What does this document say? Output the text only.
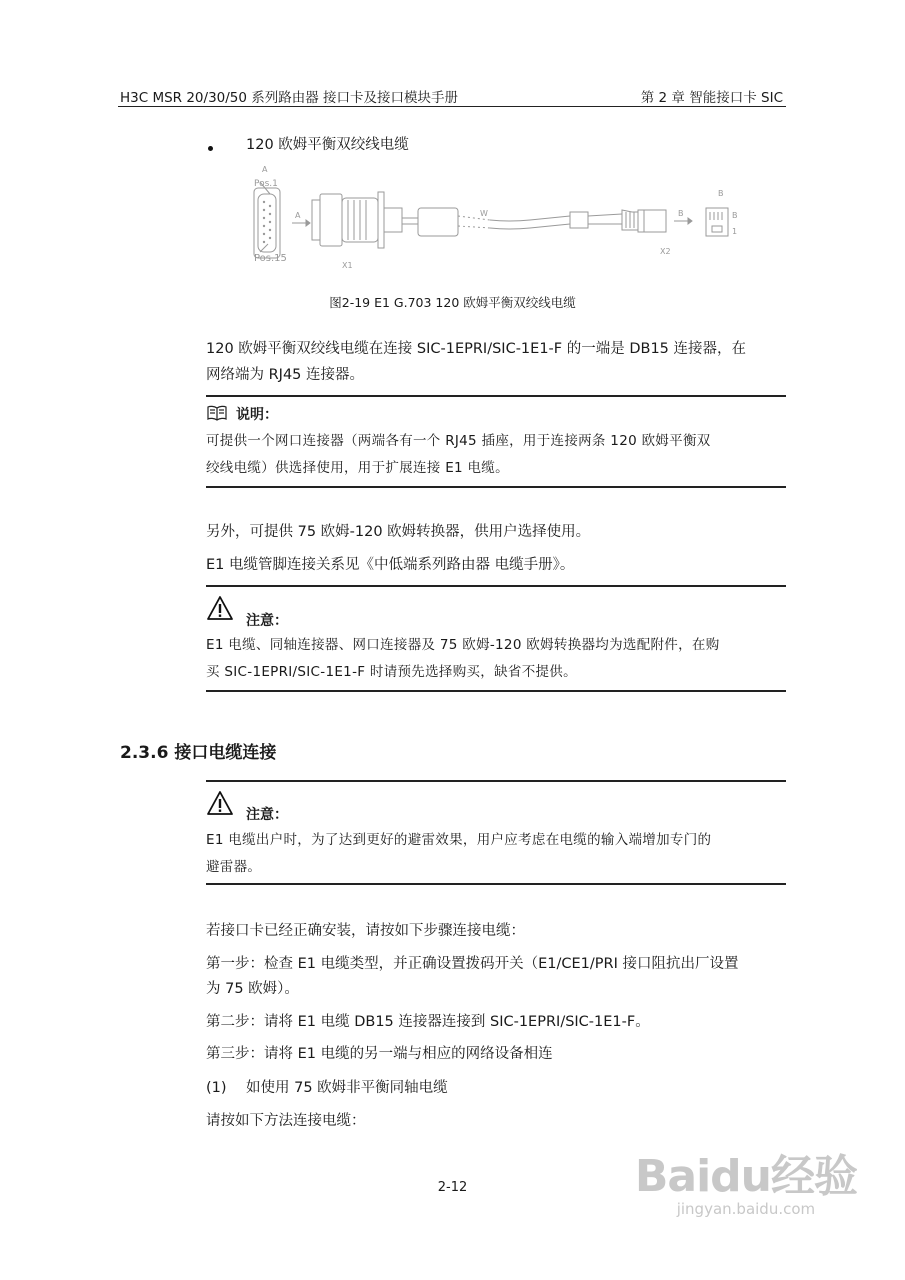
H3C MSR 20/30/50 系列路由器 接口卡及接口模块手册	第 2 章 智能接口卡 SIC
120 欧姆平衡双绞线电缆
A
Pos.1
Pos.15
A
X1
W
X2
B
B
B
1
图2-19 E1 G.703 120 欧姆平衡双绞线电缆
120 欧姆平衡双绞线电缆在连接 SIC-1EPRI/SIC-1E1-F 的一端是 DB15 连接器，在
网络端为 RJ45 连接器。
说明：
可提供一个网口连接器（两端各有一个 RJ45 插座，用于连接两条 120 欧姆平衡双
绞线电缆）供选择使用，用于扩展连接 E1 电缆。
另外，可提供 75 欧姆-120 欧姆转换器，供用户选择使用。
E1 电缆管脚连接关系见《中低端系列路由器 电缆手册》。
注意：
E1 电缆、同轴连接器、网口连接器及 75 欧姆-120 欧姆转换器均为选配附件，在购
买 SIC-1EPRI/SIC-1E1-F 时请预先选择购买，缺省不提供。
2.3.6 接口电缆连接
注意：
E1 电缆出户时，为了达到更好的避雷效果，用户应考虑在电缆的输入端增加专门的
避雷器。
若接口卡已经正确安装，请按如下步骤连接电缆：
第一步：检查 E1 电缆类型，并正确设置拨码开关（E1/CE1/PRI 接口阻抗出厂设置
为 75 欧姆）。
第二步：请将 E1 电缆 DB15 连接器连接到 SIC-1EPRI/SIC-1E1-F。
第三步：请将 E1 电缆的另一端与相应的网络设备相连
(1) 如使用 75 欧姆非平衡同轴电缆
请按如下方法连接电缆：
2-12	Baidu经验
jingyan.baidu.com
